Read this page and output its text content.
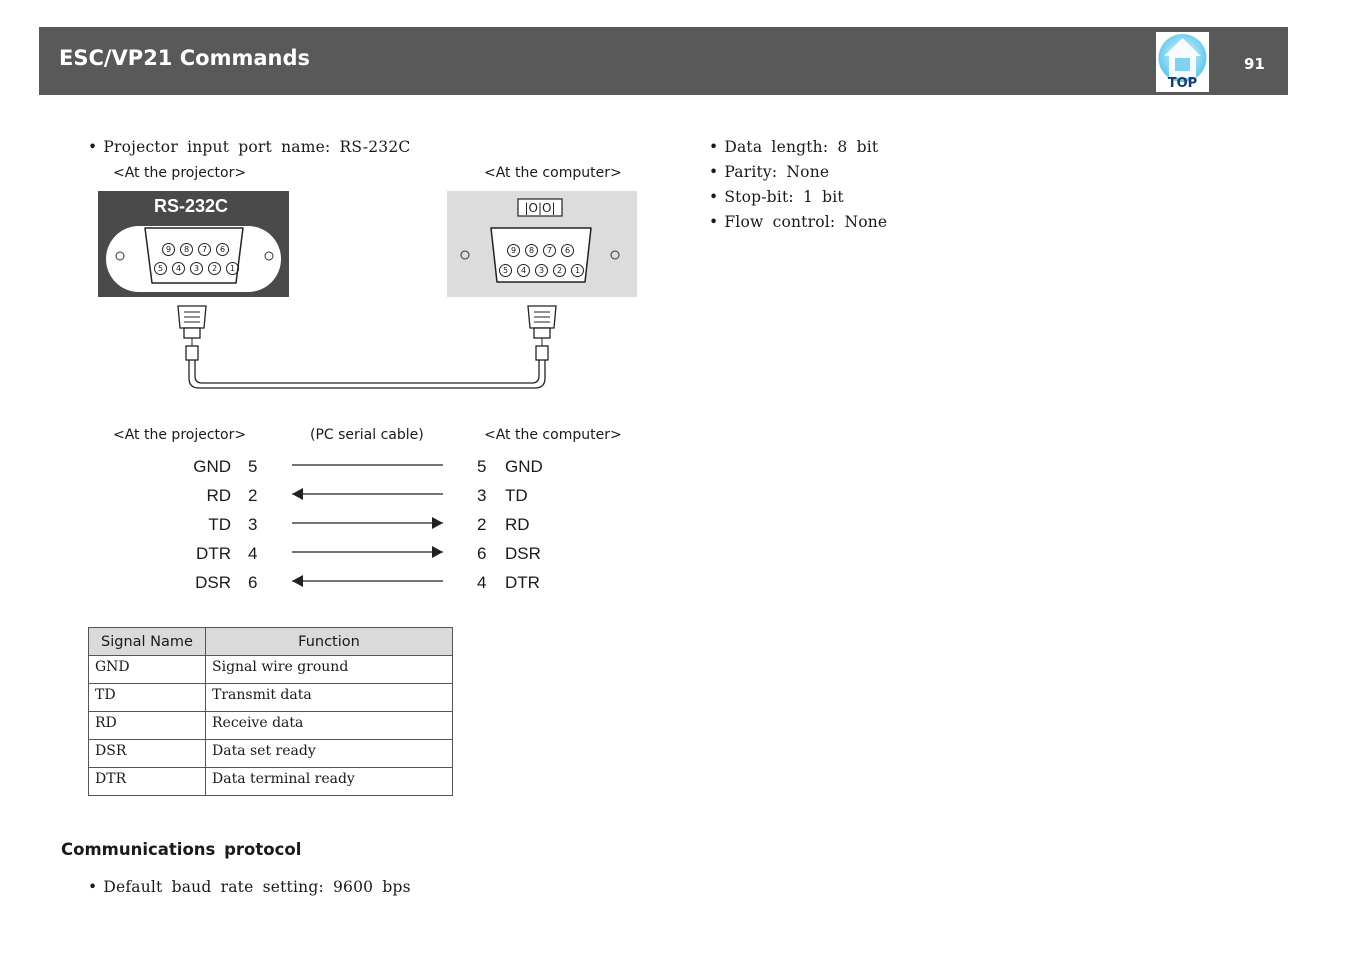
ESC/VP21 Commands
TOP
91
• Projector input port name: RS-232C
<At the projector>	<At the computer>
RS-232C
9 8 7 6
5 4 3 2 1
|O|O|
9 8 7 6
5 4 3 2 1
<At the projector>	(PC serial cable)	<At the computer>
GND 5	5 GND
RD 2	3 TD
TD 3	2 RD
DTR 4	6 DSR
DSR 6	4 DTR
Signal Name	Function
GND	Signal wire ground
TD	Transmit data
RD	Receive data
DSR	Data set ready
DTR	Data terminal ready
Communications protocol
• Default baud rate setting: 9600 bps
• Data length: 8 bit
• Parity: None
• Stop-bit: 1 bit
• Flow control: None
